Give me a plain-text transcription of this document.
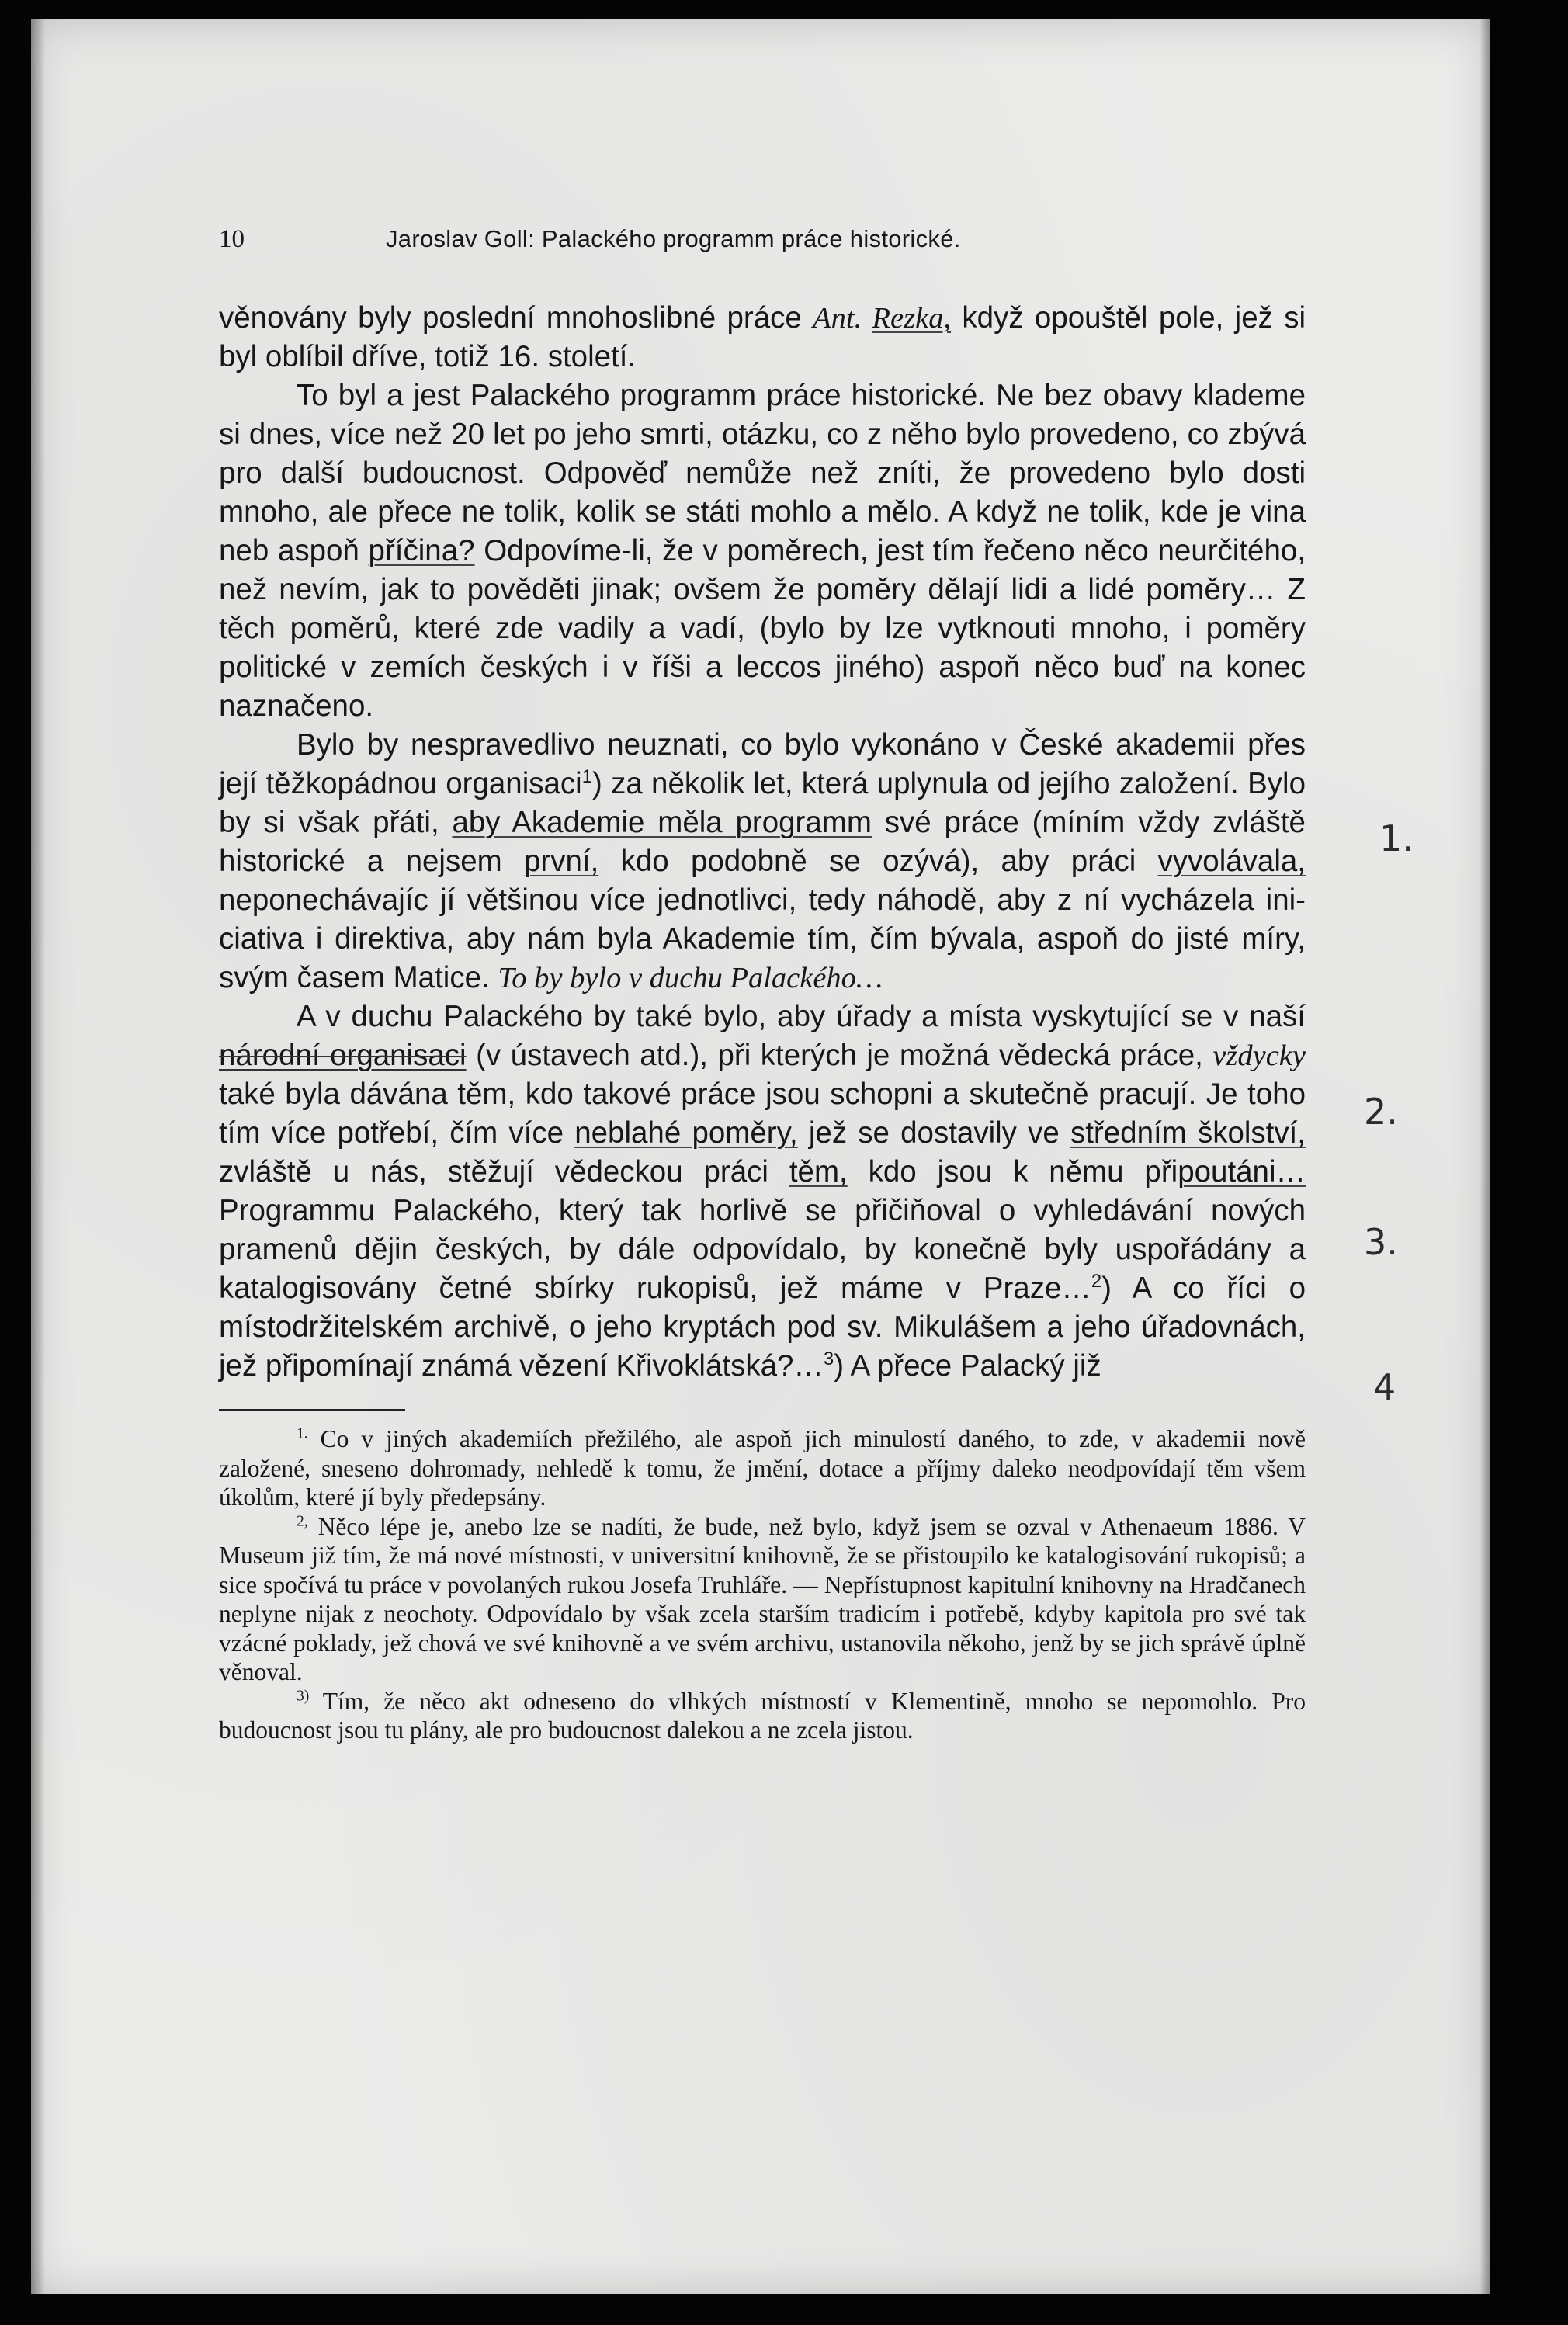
10	Jaroslav Goll: Palackého programm práce historické.

věnovány byly poslední mnohoslibné práce Ant. Rezka, když opouštěl pole, jež si byl oblíbil dříve, totiž 16. století.

To byl a jest Palackého programm práce historické. Ne bez obavy klademe si dnes, více než 20 let po jeho smrti, otázku, co z něho bylo provedeno, co zbývá pro další budoucnost. Odpověď nemůže než zníti, že provedeno bylo dosti mnoho, ale přece ne tolik, kolik se státi mohlo a mělo. A když ne tolik, kde je vina neb aspoň příčina? Odpovíme-li, že v poměrech, jest tím řečeno něco neurčitého, než nevím, jak to pověděti jinak; ovšem že poměry dělají lidi a lidé poměry… Z těch poměrů, které zde vadily a vadí, (bylo by lze vytknouti mnoho, i poměry politické v zemích českých i v říši a leccos jiného) aspoň něco buď na konec naznačeno.

Bylo by nespravedlivo neuznati, co bylo vykonáno v České akademii přes její těžkopádnou organisaci$^1$) za několik let, která uplynula od jejího založení. Bylo by si však přáti, aby Akademie měla programm své práce (míním vždy zvláště historické a nejsem první, kdo podobně se ozývá), aby práci vyvolávala, neponechávajíc jí většinou více jednotlivci, tedy náhodě, aby z ní vycházela iniciativa i direktiva, aby nám byla Akademie tím, čím bývala, aspoň do jisté míry, svým časem Matice. To by bylo v duchu Palackého…

A v duchu Palackého by také bylo, aby úřady a místa vyskytující se v naší národní organisaci (v ústavech atd.), při kterých je možná vědecká práce, vždycky také byla dávána těm, kdo takové práce jsou schopni a skutečně pracují. Je toho tím více potřebí, čím více neblahé poměry, jež se dostavily ve středním školství, zvláště u nás, stěžují vědeckou práci těm, kdo jsou k němu připoutáni… Programmu Palackého, který tak horlivě se přičiňoval o vyhledávání nových pramenů dějin českých, by dále odpovídalo, by konečně byly uspořádány a katalogisovány četné sbírky rukopisů, jež máme v Praze…$^2$) A co říci o místodržitelském archivě, o jeho kryptách pod sv. Mikulášem a jeho úřadovnách, jež připomínají známá vězení Křivoklátská?…$^3$) A přece Palacký již

$^{1.}$ Co v jiných akademiích přežilého, ale aspoň jich minulostí daného, to zde, v akademii nově založené, sneseno dohromady, nehledě k tomu, že jmění, dotace a příjmy daleko neodpovídají těm všem úkolům, které jí byly předepsány.

$^{2,}$ Něco lépe je, anebo lze se nadíti, že bude, než bylo, když jsem se ozval v Athenaeum 1886. V Museum již tím, že má nové místnosti, v universitní knihovně, že se přistoupilo ke katalogisování rukopisů; a sice spočívá tu práce v povolaných rukou Josefa Truhláře. — Nepřístupnost kapitulní knihovny na Hradčanech neplyne nijak z neochoty. Odpovídalo by však zcela starším tradicím i potřebě, kdyby kapitola pro své tak vzácné poklady, jež chová ve své knihovně a ve svém archivu, ustanovila někoho, jenž by se jich správě úplně věnoval.

$^{3)}$ Tím, že něco akt odneseno do vlhkých místností v Klementině, mnoho se nepomohlo. Pro budoucnost jsou tu plány, ale pro budoucnost dalekou a ne zcela jistou.

1.
2.
3.
4
